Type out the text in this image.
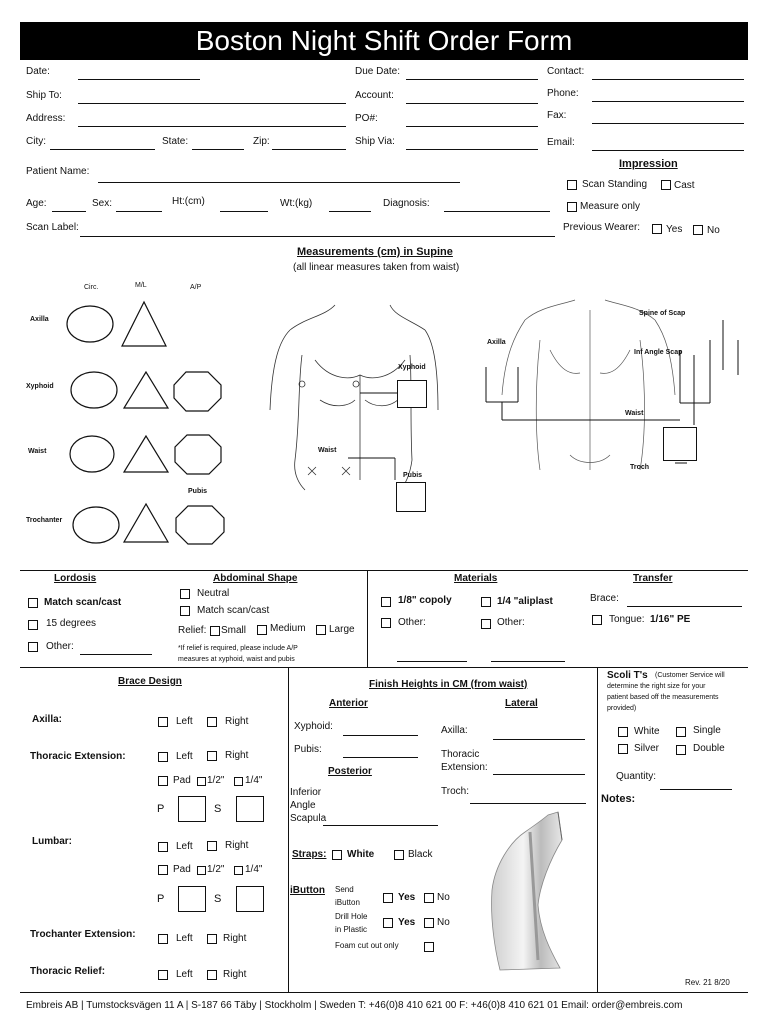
Boston Night Shift Order Form
Date:
Ship To:
Address:
City:	State:	Zip:
Due Date:
Account:
PO#:
Ship Via:
Contact:
Phone:
Fax:
Email:
Patient Name:
Age:	Sex:	Ht:(cm)	Wt:(kg)	Diagnosis:
Scan Label:
Impression
Scan Standing	Cast
Measure only
Previous Wearer:	Yes No
Measurements (cm) in Supine
(all linear measures taken from waist)
Circ.	M/L	A/P
Axilla
Xyphoid
Waist
Trochanter
Pubis
Xyphoid
Waist
Pubis
Spine of Scap
Axilla
Inf Angle Scap
Waist
Troch
Lordosis
Match scan/cast
15 degrees
Other:
Abdominal Shape
Neutral
Match scan/cast
Relief: Small Medium Large
*If relief is required, please include A/P
measures at xyphoid, waist and pubis
Materials
1/8" copoly	1/4 "aliplast
Other:	Other:
Transfer
Brace:
Tongue: 1/16" PE
Brace Design
Axilla:	Left	Right
Thoracic Extension:	Left	Right
Pad 1/2" 1/4"
P	S
Lumbar:	Left	Right
Pad 1/2" 1/4"
P	S
Trochanter Extension:	Left	Right
Thoracic Relief:	Left	Right
Finish Heights in CM (from waist)
Anterior	Lateral
Xyphoid:	Axilla:
Pubis:	Thoracic
Extension:
Posterior
Troch:
Inferior
Angle
Scapula
Straps: White	Black
iButton Send
iButton	Yes No
Drill Hole
in Plastic
Yes No
Foam cut out only
Scoli T's (Customer Service will
determine the right size for your
patient based off the measurements
provided)
White	Single
Silver	Double
Quantity:
Notes:
Rev. 21 8/20
Embreis AB | Tumstocksvägen 11 A | S-187 66 Täby | Stockholm | Sweden T: +46(0)8 410 621 00 F: +46(0)8 410 621 01 Email: order@embreis.com
